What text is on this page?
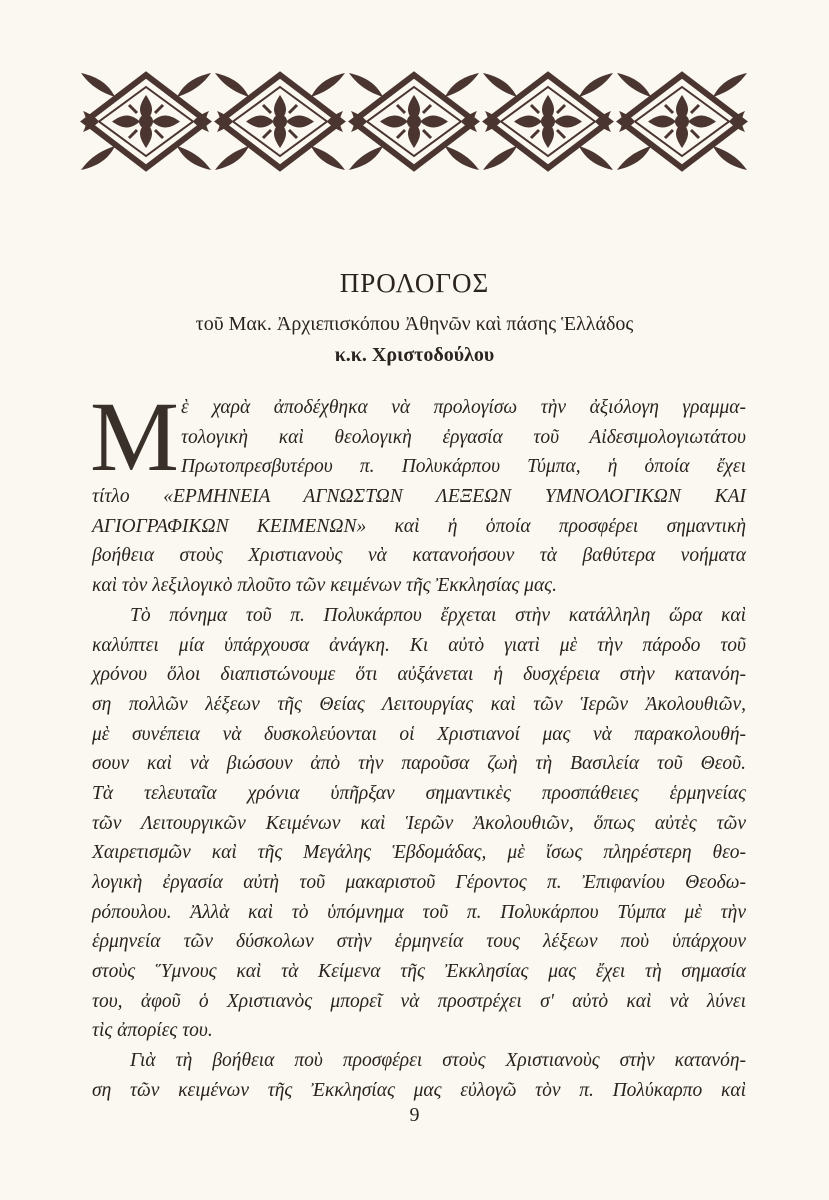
ΠΡΟΛΟΓΟΣ
τοῦ Μακ. Ἀρχιεπισκόπου Ἀθηνῶν καὶ πάσης Ἑλλάδος
κ.κ. Χριστοδούλου
Μ ὲ χαρὰ ἀποδέχθηκα νὰ προλογίσω τὴν ἀξιόλογη γραμμα-
τολογικὴ καὶ θεολογικὴ ἐργασία τοῦ Αἰδεσιμολογιωτάτου
Πρωτοπρεσβυτέρου π. Πολυκάρπου Τύμπα, ἡ ὁποία ἔχει
τίτλο «ΕΡΜΗΝΕΙΑ ΑΓΝΩΣΤΩΝ ΛΕΞΕΩΝ ΥΜΝΟΛΟΓΙΚΩΝ ΚΑΙ
ΑΓΙΟΓΡΑΦΙΚΩΝ ΚΕΙΜΕΝΩΝ» καὶ ἡ ὁποία προσφέρει σημαντικὴ
βοήθεια στοὺς Χριστιανοὺς νὰ κατανοήσουν τὰ βαθύτερα νοήματα
καὶ τὸν λεξιλογικὸ πλοῦτο τῶν κειμένων τῆς Ἐκκλησίας μας.
Τὸ πόνημα τοῦ π. Πολυκάρπου ἔρχεται στὴν κατάλληλη ὥρα καὶ
καλύπτει μία ὑπάρχουσα ἀνάγκη. Κι αὐτὸ γιατὶ μὲ τὴν πάροδο τοῦ
χρόνου ὅλοι διαπιστώνουμε ὅτι αὐξάνεται ἡ δυσχέρεια στὴν κατανόη-
ση πολλῶν λέξεων τῆς Θείας Λειτουργίας καὶ τῶν Ἱερῶν Ἀκολουθιῶν,
μὲ συνέπεια νὰ δυσκολεύονται οἱ Χριστιανοί μας νὰ παρακολουθή-
σουν καὶ νὰ βιώσουν ἀπὸ τὴν παροῦσα ζωὴ τὴ Βασιλεία τοῦ Θεοῦ.
Τὰ τελευταῖα χρόνια ὑπῆρξαν σημαντικὲς προσπάθειες ἑρμηνείας
τῶν Λειτουργικῶν Κειμένων καὶ Ἱερῶν Ἀκολουθιῶν, ὅπως αὐτὲς τῶν
Χαιρετισμῶν καὶ τῆς Μεγάλης Ἑβδομάδας, μὲ ἴσως πληρέστερη θεο-
λογικὴ ἐργασία αὐτὴ τοῦ μακαριστοῦ Γέροντος π. Ἐπιφανίου Θεοδω-
ρόπουλου. Ἀλλὰ καὶ τὸ ὑπόμνημα τοῦ π. Πολυκάρπου Τύμπα μὲ τὴν
ἑρμηνεία τῶν δύσκολων στὴν ἑρμηνεία τους λέξεων ποὺ ὑπάρχουν
στοὺς Ὕμνους καὶ τὰ Κείμενα τῆς Ἐκκλησίας μας ἔχει τὴ σημασία
του, ἀφοῦ ὁ Χριστιανὸς μπορεῖ νὰ προστρέχει σ' αὐτὸ καὶ νὰ λύνει
τὶς ἀπορίες του.
Γιὰ τὴ βοήθεια ποὺ προσφέρει στοὺς Χριστιανοὺς στὴν κατανόη-
ση τῶν κειμένων τῆς Ἐκκλησίας μας εὐλογῶ τὸν π. Πολύκαρπο καὶ
9
